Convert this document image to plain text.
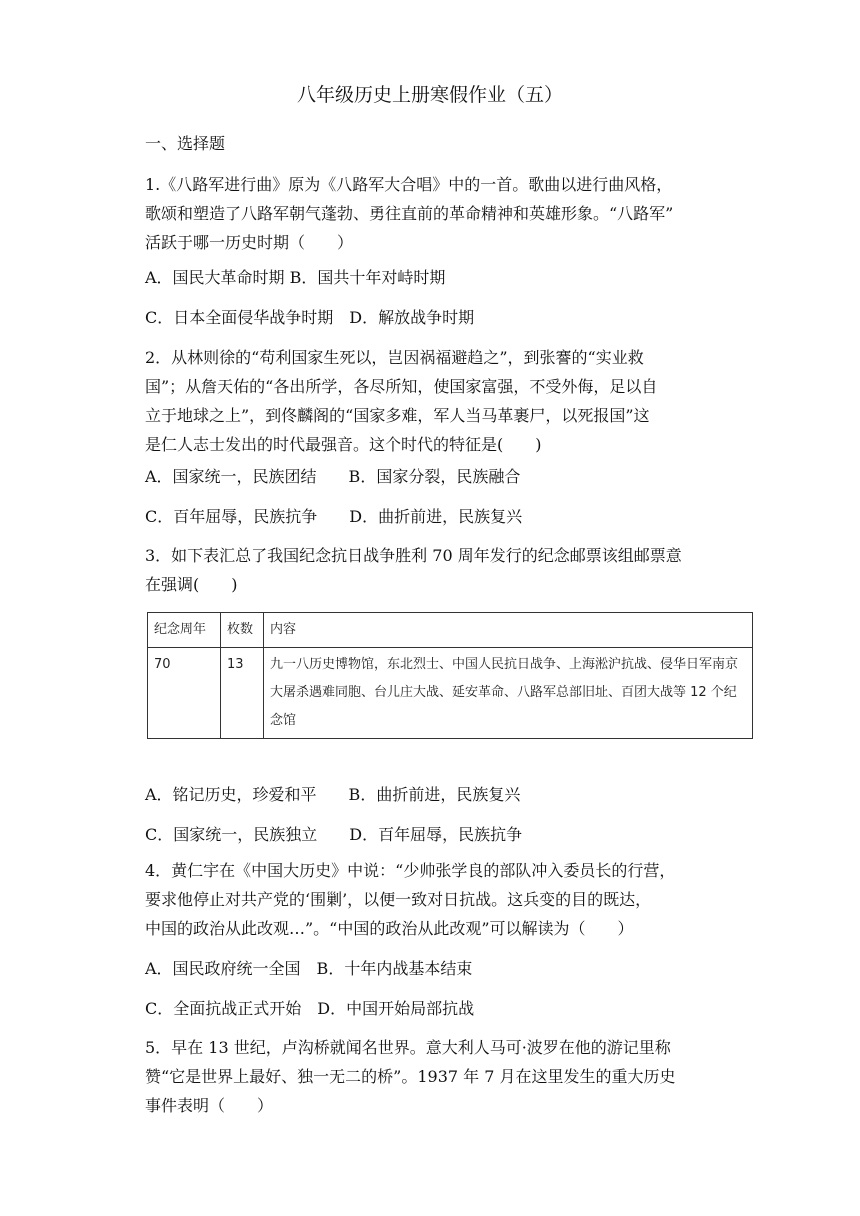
八年级历史上册寒假作业（五）
一、选择题

1.《八路军进行曲》原为《八路军大合唱》中的一首。歌曲以进行曲风格，

歌颂和塑造了八路军朝气蓬勃、勇往直前的革命精神和英雄形象。“八路军”

活跃于哪一历史时期（　　）

A．国民大革命时期 B．国共十年对峙时期
C．日本全面侵华战争时期　D．解放战争时期

2．从林则徐的“苟利国家生死以，岂因祸福避趋之”，到张謇的“实业救

国”；从詹天佑的“各出所学，各尽所知，使国家富强，不受外侮，足以自

立于地球之上”，到佟麟阁的“国家多难，军人当马革裹尸，以死报国”这

是仁人志士发出的时代最强音。这个时代的特征是(　　)

A．国家统一，民族团结　　B．国家分裂，民族融合
C．百年屈辱，民族抗争　　D．曲折前进，民族复兴

3．如下表汇总了我国纪念抗日战争胜利 70 周年发行的纪念邮票该组邮票意

在强调(　　)

纪念周年	枚数	内容
70	13	九一八历史博物馆，东北烈士、中国人民抗日战争、上海淞沪抗战、侵华日军南京大屠杀遇难同胞、台儿庄大战、延安革命、八路军总部旧址、百团大战等 12 个纪念馆
A．铭记历史，珍爱和平　　B．曲折前进，民族复兴
C．国家统一，民族独立　　D．百年屈辱，民族抗争

4．黄仁宇在《中国大历史》中说：“少帅张学良的部队冲入委员长的行营，

要求他停止对共产党的‘围剿’，以便一致对日抗战。这兵变的目的既达，

中国的政治从此改观…”。“中国的政治从此改观”可以解读为（　　）

A．国民政府统一全国　B．十年内战基本结束
C．全面抗战正式开始　D．中国开始局部抗战

5．早在 13 世纪，卢沟桥就闻名世界。意大利人马可·波罗在他的游记里称

赞“它是世界上最好、独一无二的桥”。1937 年 7 月在这里发生的重大历史

事件表明（　　）
